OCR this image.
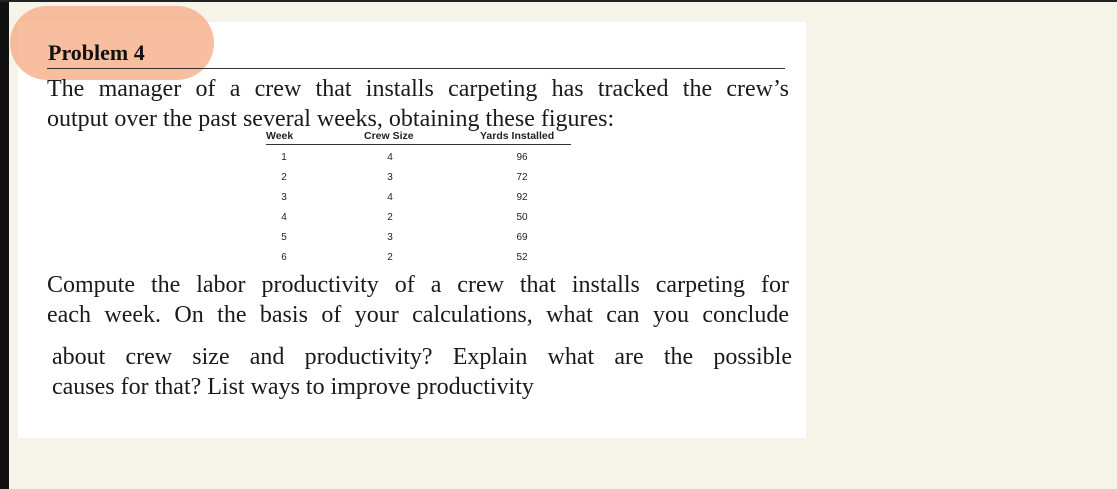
Problem 4

The manager of a crew that installs carpeting has tracked the crew’s
output over the past several weeks, obtaining these figures:

Week	Crew Size	Yards Installed
1	4	96
2	3	72
3	4	92
4	2	50
5	3	69
6	2	52

Compute the labor productivity of a crew that installs carpeting for
each week. On the basis of your calculations, what can you conclude

about crew size and productivity? Explain what are the possible
causes for that? List ways to improve productivity
